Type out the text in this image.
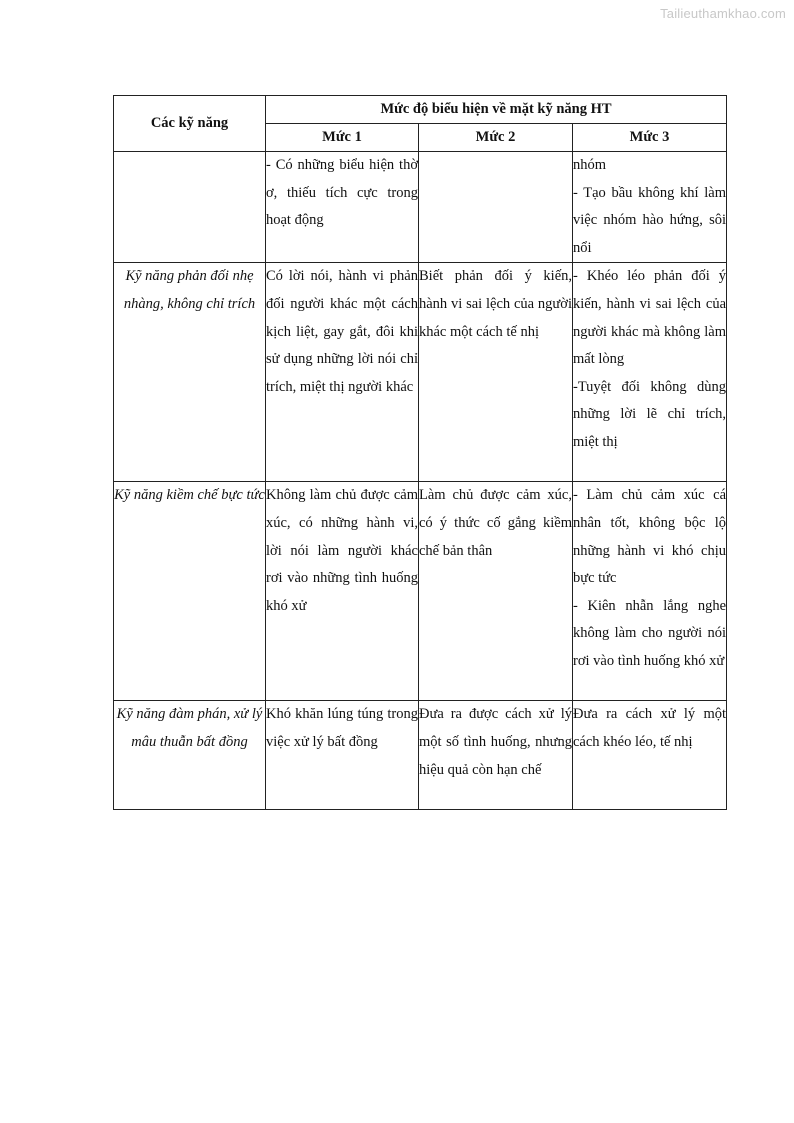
Tailieuthamkhao.com
Các kỹ năng	Mức độ biểu hiện về mặt kỹ năng HT		
	Mức 1	Mức 2	Mức 3
	- Có những biểu hiện thờ ơ, thiếu tích cực trong hoạt động		nhóm
- Tạo bầu không khí làm việc nhóm hào hứng, sôi nổi

Kỹ năng phản đối nhẹ nhàng, không chỉ trích	Có lời nói, hành vi phản đối người khác một cách kịch liệt, gay gắt, đôi khi sử dụng những lời nói chỉ trích, miệt thị người khác	Biết phản đối ý kiến, hành vi sai lệch của người khác một cách tế nhị	- Khéo léo phản đối ý kiến, hành vi sai lệch của người khác mà không làm mất lòng
-Tuyệt đối không dùng những lời lẽ chỉ trích, miệt thị

Kỹ năng kiềm chế bực tức	Không làm chủ được cảm xúc, có những hành vi, lời nói làm người khác rơi vào những tình huống khó xử	Làm chủ được cảm xúc, có ý thức cố gắng kiềm chế bản thân	- Làm chủ cảm xúc cá nhân tốt, không bộc lộ những hành vi khó chịu bực tức
- Kiên nhẫn lắng nghe không làm cho người nói rơi vào tình huống khó xử

Kỹ năng đàm phán, xử lý mâu thuẫn bất đồng	Khó khăn lúng túng trong việc xử lý bất đồng	Đưa ra được cách xử lý một số tình huống, nhưng hiệu quả còn hạn chế	Đưa ra cách xử lý một cách khéo léo, tế nhị
